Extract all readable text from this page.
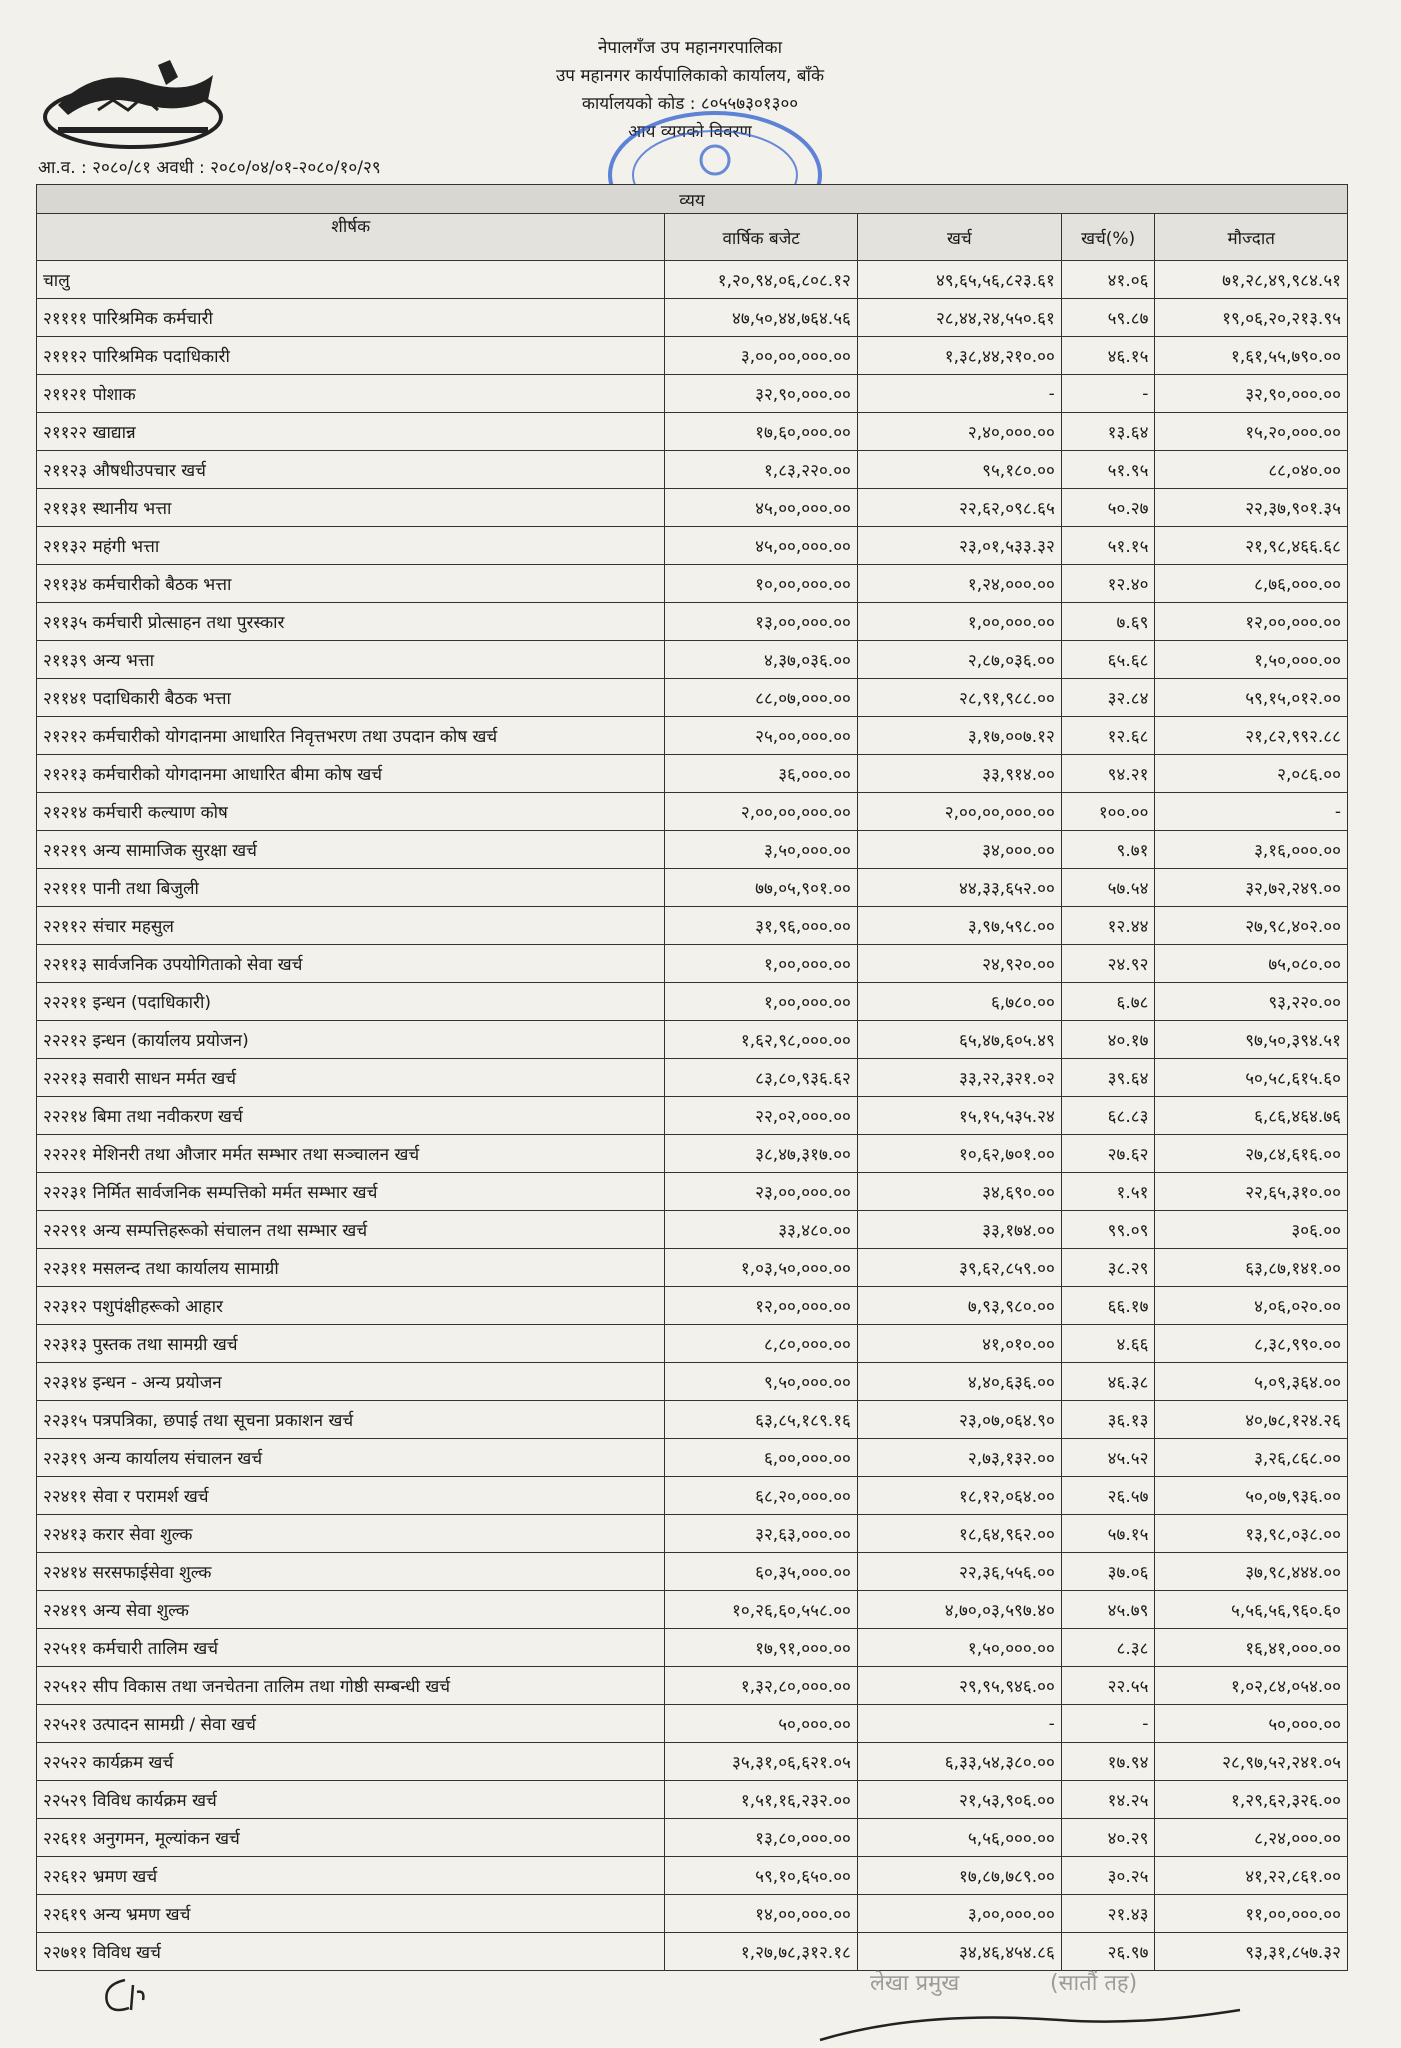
नेपालगँज उप महानगरपालिका
उप महानगर कार्यपालिकाको कार्यालय, बाँके
कार्यालयको कोड : ८०५५७३०१३००
आय व्ययको विवरण
आ.व. : २०८०/८१ अवधी : २०८०/०४/०१-२०८०/१०/२९
व्यय				
शीर्षक	वार्षिक बजेट	खर्च	खर्च(%)	मौज्दात
चालु	१,२०,९४,०६,८०८.१२	४९,६५,५६,८२३.६१	४१.०६	७१,२८,४९,९८४.५१
२११११ पारिश्रमिक कर्मचारी	४७,५०,४४,७६४.५६	२८,४४,२४,५५०.६१	५९.८७	१९,०६,२०,२१३.९५
२१११२ पारिश्रमिक पदाधिकारी	३,००,००,०००.००	१,३८,४४,२१०.००	४६.१५	१,६१,५५,७९०.००
२११२१ पोशाक	३२,९०,०००.००	-	-	३२,९०,०००.००
२११२२ खाद्यान्न	१७,६०,०००.००	२,४०,०००.००	१३.६४	१५,२०,०००.००
२११२३ औषधीउपचार खर्च	१,८३,२२०.००	९५,१८०.००	५१.९५	८८,०४०.००
२११३१ स्थानीय भत्ता	४५,००,०००.००	२२,६२,०९८.६५	५०.२७	२२,३७,९०१.३५
२११३२ महंगी भत्ता	४५,००,०००.००	२३,०१,५३३.३२	५१.१५	२१,९८,४६६.६८
२११३४ कर्मचारीको बैठक भत्ता	१०,००,०००.००	१,२४,०००.००	१२.४०	८,७६,०००.००
२११३५ कर्मचारी प्रोत्साहन तथा पुरस्कार	१३,००,०००.००	१,००,०००.००	७.६९	१२,००,०००.००
२११३९ अन्य भत्ता	४,३७,०३६.००	२,८७,०३६.००	६५.६८	१,५०,०००.००
२११४१ पदाधिकारी बैठक भत्ता	८८,०७,०००.००	२८,९१,९८८.००	३२.८४	५९,१५,०१२.००
२१२१२ कर्मचारीको योगदानमा आधारित निवृत्तभरण तथा उपदान कोष खर्च	२५,००,०००.००	३,१७,००७.१२	१२.६८	२१,८२,९९२.८८
२१२१३ कर्मचारीको योगदानमा आधारित बीमा कोष खर्च	३६,०००.००	३३,९१४.००	९४.२१	२,०८६.००
२१२१४ कर्मचारी कल्याण कोष	२,००,००,०००.००	२,००,००,०००.००	१००.००	-
२१२१९ अन्य सामाजिक सुरक्षा खर्च	३,५०,०००.००	३४,०००.००	९.७१	३,१६,०००.००
२२१११ पानी तथा बिजुली	७७,०५,९०१.००	४४,३३,६५२.००	५७.५४	३२,७२,२४९.००
२२११२ संचार महसुल	३१,९६,०००.००	३,९७,५९८.००	१२.४४	२७,९८,४०२.००
२२११३ सार्वजनिक उपयोगिताको सेवा खर्च	१,००,०००.००	२४,९२०.००	२४.९२	७५,०८०.००
२२२११ इन्धन (पदाधिकारी)	१,००,०००.००	६,७८०.००	६.७८	९३,२२०.००
२२२१२ इन्धन (कार्यालय प्रयोजन)	१,६२,९८,०००.००	६५,४७,६०५.४९	४०.१७	९७,५०,३९४.५१
२२२१३ सवारी साधन मर्मत खर्च	८३,८०,९३६.६२	३३,२२,३२१.०२	३९.६४	५०,५८,६१५.६०
२२२१४ बिमा तथा नवीकरण खर्च	२२,०२,०००.००	१५,१५,५३५.२४	६८.८३	६,८६,४६४.७६
२२२२१ मेशिनरी तथा औजार मर्मत सम्भार तथा सञ्चालन खर्च	३८,४७,३१७.००	१०,६२,७०१.००	२७.६२	२७,८४,६१६.००
२२२३१ निर्मित सार्वजनिक सम्पत्तिको मर्मत सम्भार खर्च	२३,००,०००.००	३४,६९०.००	१.५१	२२,६५,३१०.००
२२२९१ अन्य सम्पत्तिहरूको संचालन तथा सम्भार खर्च	३३,४८०.००	३३,१७४.००	९९.०९	३०६.००
२२३११ मसलन्द तथा कार्यालय सामाग्री	१,०३,५०,०००.००	३९,६२,८५९.००	३८.२९	६३,८७,१४१.००
२२३१२ पशुपंक्षीहरूको आहार	१२,००,०००.००	७,९३,९८०.००	६६.१७	४,०६,०२०.००
२२३१३ पुस्तक तथा सामग्री खर्च	८,८०,०००.००	४१,०१०.००	४.६६	८,३८,९९०.००
२२३१४ इन्धन - अन्य प्रयोजन	९,५०,०००.००	४,४०,६३६.००	४६.३८	५,०९,३६४.००
२२३१५ पत्रपत्रिका, छपाई तथा सूचना प्रकाशन खर्च	६३,८५,१८९.१६	२३,०७,०६४.९०	३६.१३	४०,७८,१२४.२६
२२३१९ अन्य कार्यालय संचालन खर्च	६,००,०००.००	२,७३,१३२.००	४५.५२	३,२६,८६८.००
२२४११ सेवा र परामर्श खर्च	६८,२०,०००.००	१८,१२,०६४.००	२६.५७	५०,०७,९३६.००
२२४१३ करार सेवा शुल्क	३२,६३,०००.००	१८,६४,९६२.००	५७.१५	१३,९८,०३८.००
२२४१४ सरसफाईसेवा शुल्क	६०,३५,०००.००	२२,३६,५५६.००	३७.०६	३७,९८,४४४.००
२२४१९ अन्य सेवा शुल्क	१०,२६,६०,५५८.००	४,७०,०३,५९७.४०	४५.७९	५,५६,५६,९६०.६०
२२५११ कर्मचारी तालिम खर्च	१७,९१,०००.००	१,५०,०००.००	८.३८	१६,४१,०००.००
२२५१२ सीप विकास तथा जनचेतना तालिम तथा गोष्ठी सम्बन्धी खर्च	१,३२,८०,०००.००	२९,९५,९४६.००	२२.५५	१,०२,८४,०५४.००
२२५२१ उत्पादन सामग्री / सेवा खर्च	५०,०००.००	-	-	५०,०००.००
२२५२२ कार्यक्रम खर्च	३५,३१,०६,६२१.०५	६,३३,५४,३८०.००	१७.९४	२८,९७,५२,२४१.०५
२२५२९ विविध कार्यक्रम खर्च	१,५१,१६,२३२.००	२१,५३,९०६.००	१४.२५	१,२९,६२,३२६.००
२२६११ अनुगमन, मूल्यांकन खर्च	१३,८०,०००.००	५,५६,०००.००	४०.२९	८,२४,०००.००
२२६१२ भ्रमण खर्च	५९,१०,६५०.००	१७,८७,७८९.००	३०.२५	४१,२२,८६१.००
२२६१९ अन्य भ्रमण खर्च	१४,००,०००.००	३,००,०००.००	२१.४३	११,००,०००.००
२२७११ विविध खर्च	१,२७,७८,३१२.१८	३४,४६,४५४.८६	२६.९७	९३,३१,८५७.३२
लेखा प्रमुख	(सातौं तह)
